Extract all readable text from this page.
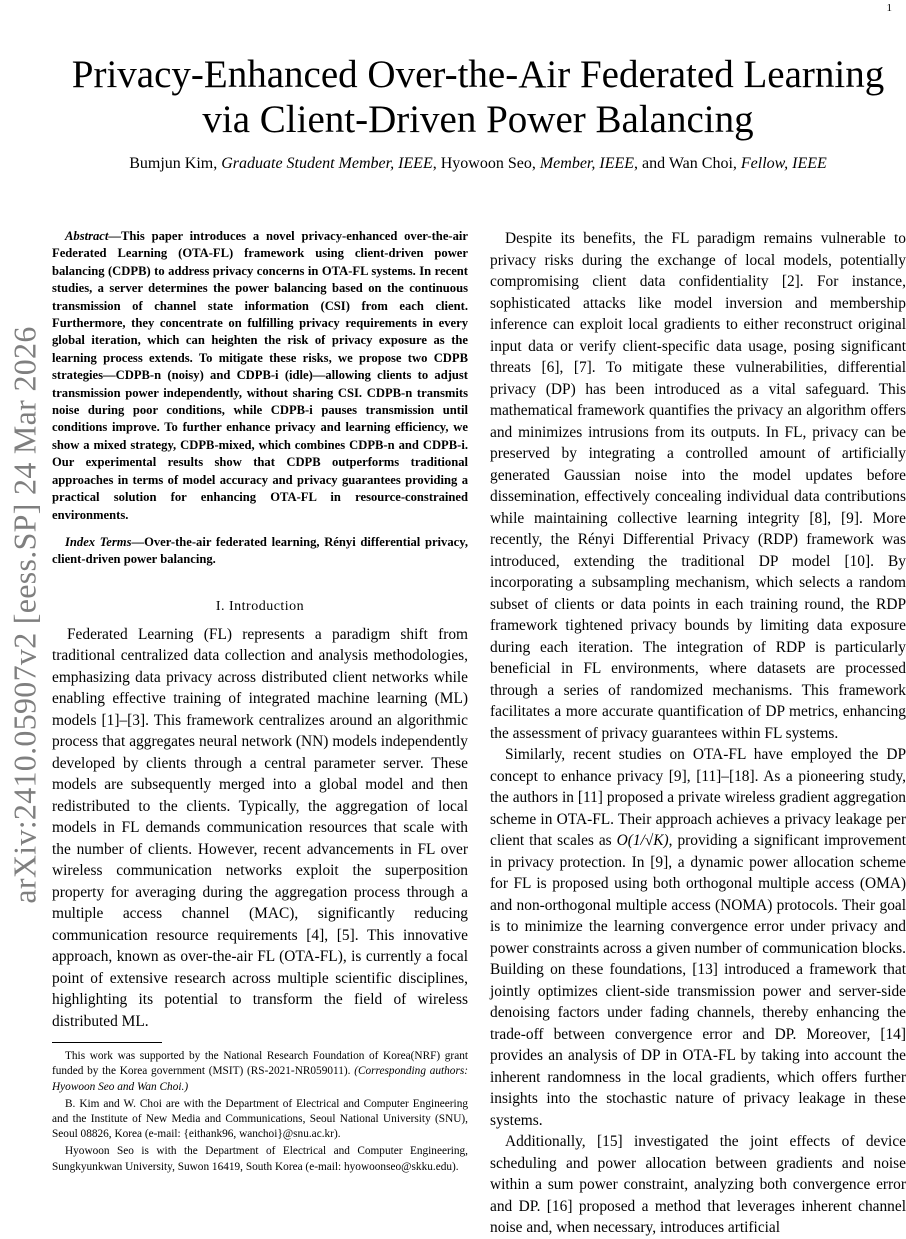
1
arXiv:2410.05907v2 [eess.SP] 24 Mar 2026
Privacy-Enhanced Over-the-Air Federated Learning
via Client-Driven Power Balancing

Bumjun Kim, Graduate Student Member, IEEE, Hyowoon Seo, Member, IEEE, and Wan Choi, Fellow, IEEE

Abstract—This paper introduces a novel privacy-enhanced over-the-air Federated Learning (OTA-FL) framework using client-driven power balancing (CDPB) to address privacy concerns in OTA-FL systems. In recent studies, a server determines the power balancing based on the continuous transmission of channel state information (CSI) from each client. Furthermore, they concentrate on fulfilling privacy requirements in every global iteration, which can heighten the risk of privacy exposure as the learning process extends. To mitigate these risks, we propose two CDPB strategies—CDPB-n (noisy) and CDPB-i (idle)—allowing clients to adjust transmission power independently, without sharing CSI. CDPB-n transmits noise during poor conditions, while CDPB-i pauses transmission until conditions improve. To further enhance privacy and learning efficiency, we show a mixed strategy, CDPB-mixed, which combines CDPB-n and CDPB-i. Our experimental results show that CDPB outperforms traditional approaches in terms of model accuracy and privacy guarantees providing a practical solution for enhancing OTA-FL in resource-constrained environments.

Index Terms—Over-the-air federated learning, Rényi differential privacy, client-driven power balancing.

I. Introduction

Federated Learning (FL) represents a paradigm shift from traditional centralized data collection and analysis methodologies, emphasizing data privacy across distributed client networks while enabling effective training of integrated machine learning (ML) models [1]–[3]. This framework centralizes around an algorithmic process that aggregates neural network (NN) models independently developed by clients through a central parameter server. These models are subsequently merged into a global model and then redistributed to the clients. Typically, the aggregation of local models in FL demands communication resources that scale with the number of clients. However, recent advancements in FL over wireless communication networks exploit the superposition property for averaging during the aggregation process through a multiple access channel (MAC), significantly reducing communication resource requirements [4], [5]. This innovative approach, known as over-the-air FL (OTA-FL), is currently a focal point of extensive research across multiple scientific disciplines, highlighting its potential to transform the field of wireless distributed ML.

This work was supported by the National Research Foundation of Korea(NRF) grant funded by the Korea government (MSIT) (RS-2021-NR059011). (Corresponding authors: Hyowoon Seo and Wan Choi.)

B. Kim and W. Choi are with the Department of Electrical and Computer Engineering and the Institute of New Media and Communications, Seoul National University (SNU), Seoul 08826, Korea (e-mail: {eithank96, wanchoi}@snu.ac.kr).

Hyowoon Seo is with the Department of Electrical and Computer Engineering, Sungkyunkwan University, Suwon 16419, South Korea (e-mail: hyowoonseo@skku.edu).

Despite its benefits, the FL paradigm remains vulnerable to privacy risks during the exchange of local models, potentially compromising client data confidentiality [2]. For instance, sophisticated attacks like model inversion and membership inference can exploit local gradients to either reconstruct original input data or verify client-specific data usage, posing significant threats [6], [7]. To mitigate these vulnerabilities, differential privacy (DP) has been introduced as a vital safeguard. This mathematical framework quantifies the privacy an algorithm offers and minimizes intrusions from its outputs. In FL, privacy can be preserved by integrating a controlled amount of artificially generated Gaussian noise into the model updates before dissemination, effectively concealing individual data contributions while maintaining collective learning integrity [8], [9]. More recently, the Rényi Differential Privacy (RDP) framework was introduced, extending the traditional DP model [10]. By incorporating a subsampling mechanism, which selects a random subset of clients or data points in each training round, the RDP framework tightened privacy bounds by limiting data exposure during each iteration. The integration of RDP is particularly beneficial in FL environments, where datasets are processed through a series of randomized mechanisms. This framework facilitates a more accurate quantification of DP metrics, enhancing the assessment of privacy guarantees within FL systems.

Similarly, recent studies on OTA-FL have employed the DP concept to enhance privacy [9], [11]–[18]. As a pioneering study, the authors in [11] proposed a private wireless gradient aggregation scheme in OTA-FL. Their approach achieves a privacy leakage per client that scales as O(1/√K), providing a significant improvement in privacy protection. In [9], a dynamic power allocation scheme for FL is proposed using both orthogonal multiple access (OMA) and non-orthogonal multiple access (NOMA) protocols. Their goal is to minimize the learning convergence error under privacy and power constraints across a given number of communication blocks. Building on these foundations, [13] introduced a framework that jointly optimizes client-side transmission power and server-side denoising factors under fading channels, thereby enhancing the trade-off between convergence error and DP. Moreover, [14] provides an analysis of DP in OTA-FL by taking into account the inherent randomness in the local gradients, which offers further insights into the stochastic nature of privacy leakage in these systems.

Additionally, [15] investigated the joint effects of device scheduling and power allocation between gradients and noise within a sum power constraint, analyzing both convergence error and DP. [16] proposed a method that leverages inherent channel noise and, when necessary, introduces artificial
